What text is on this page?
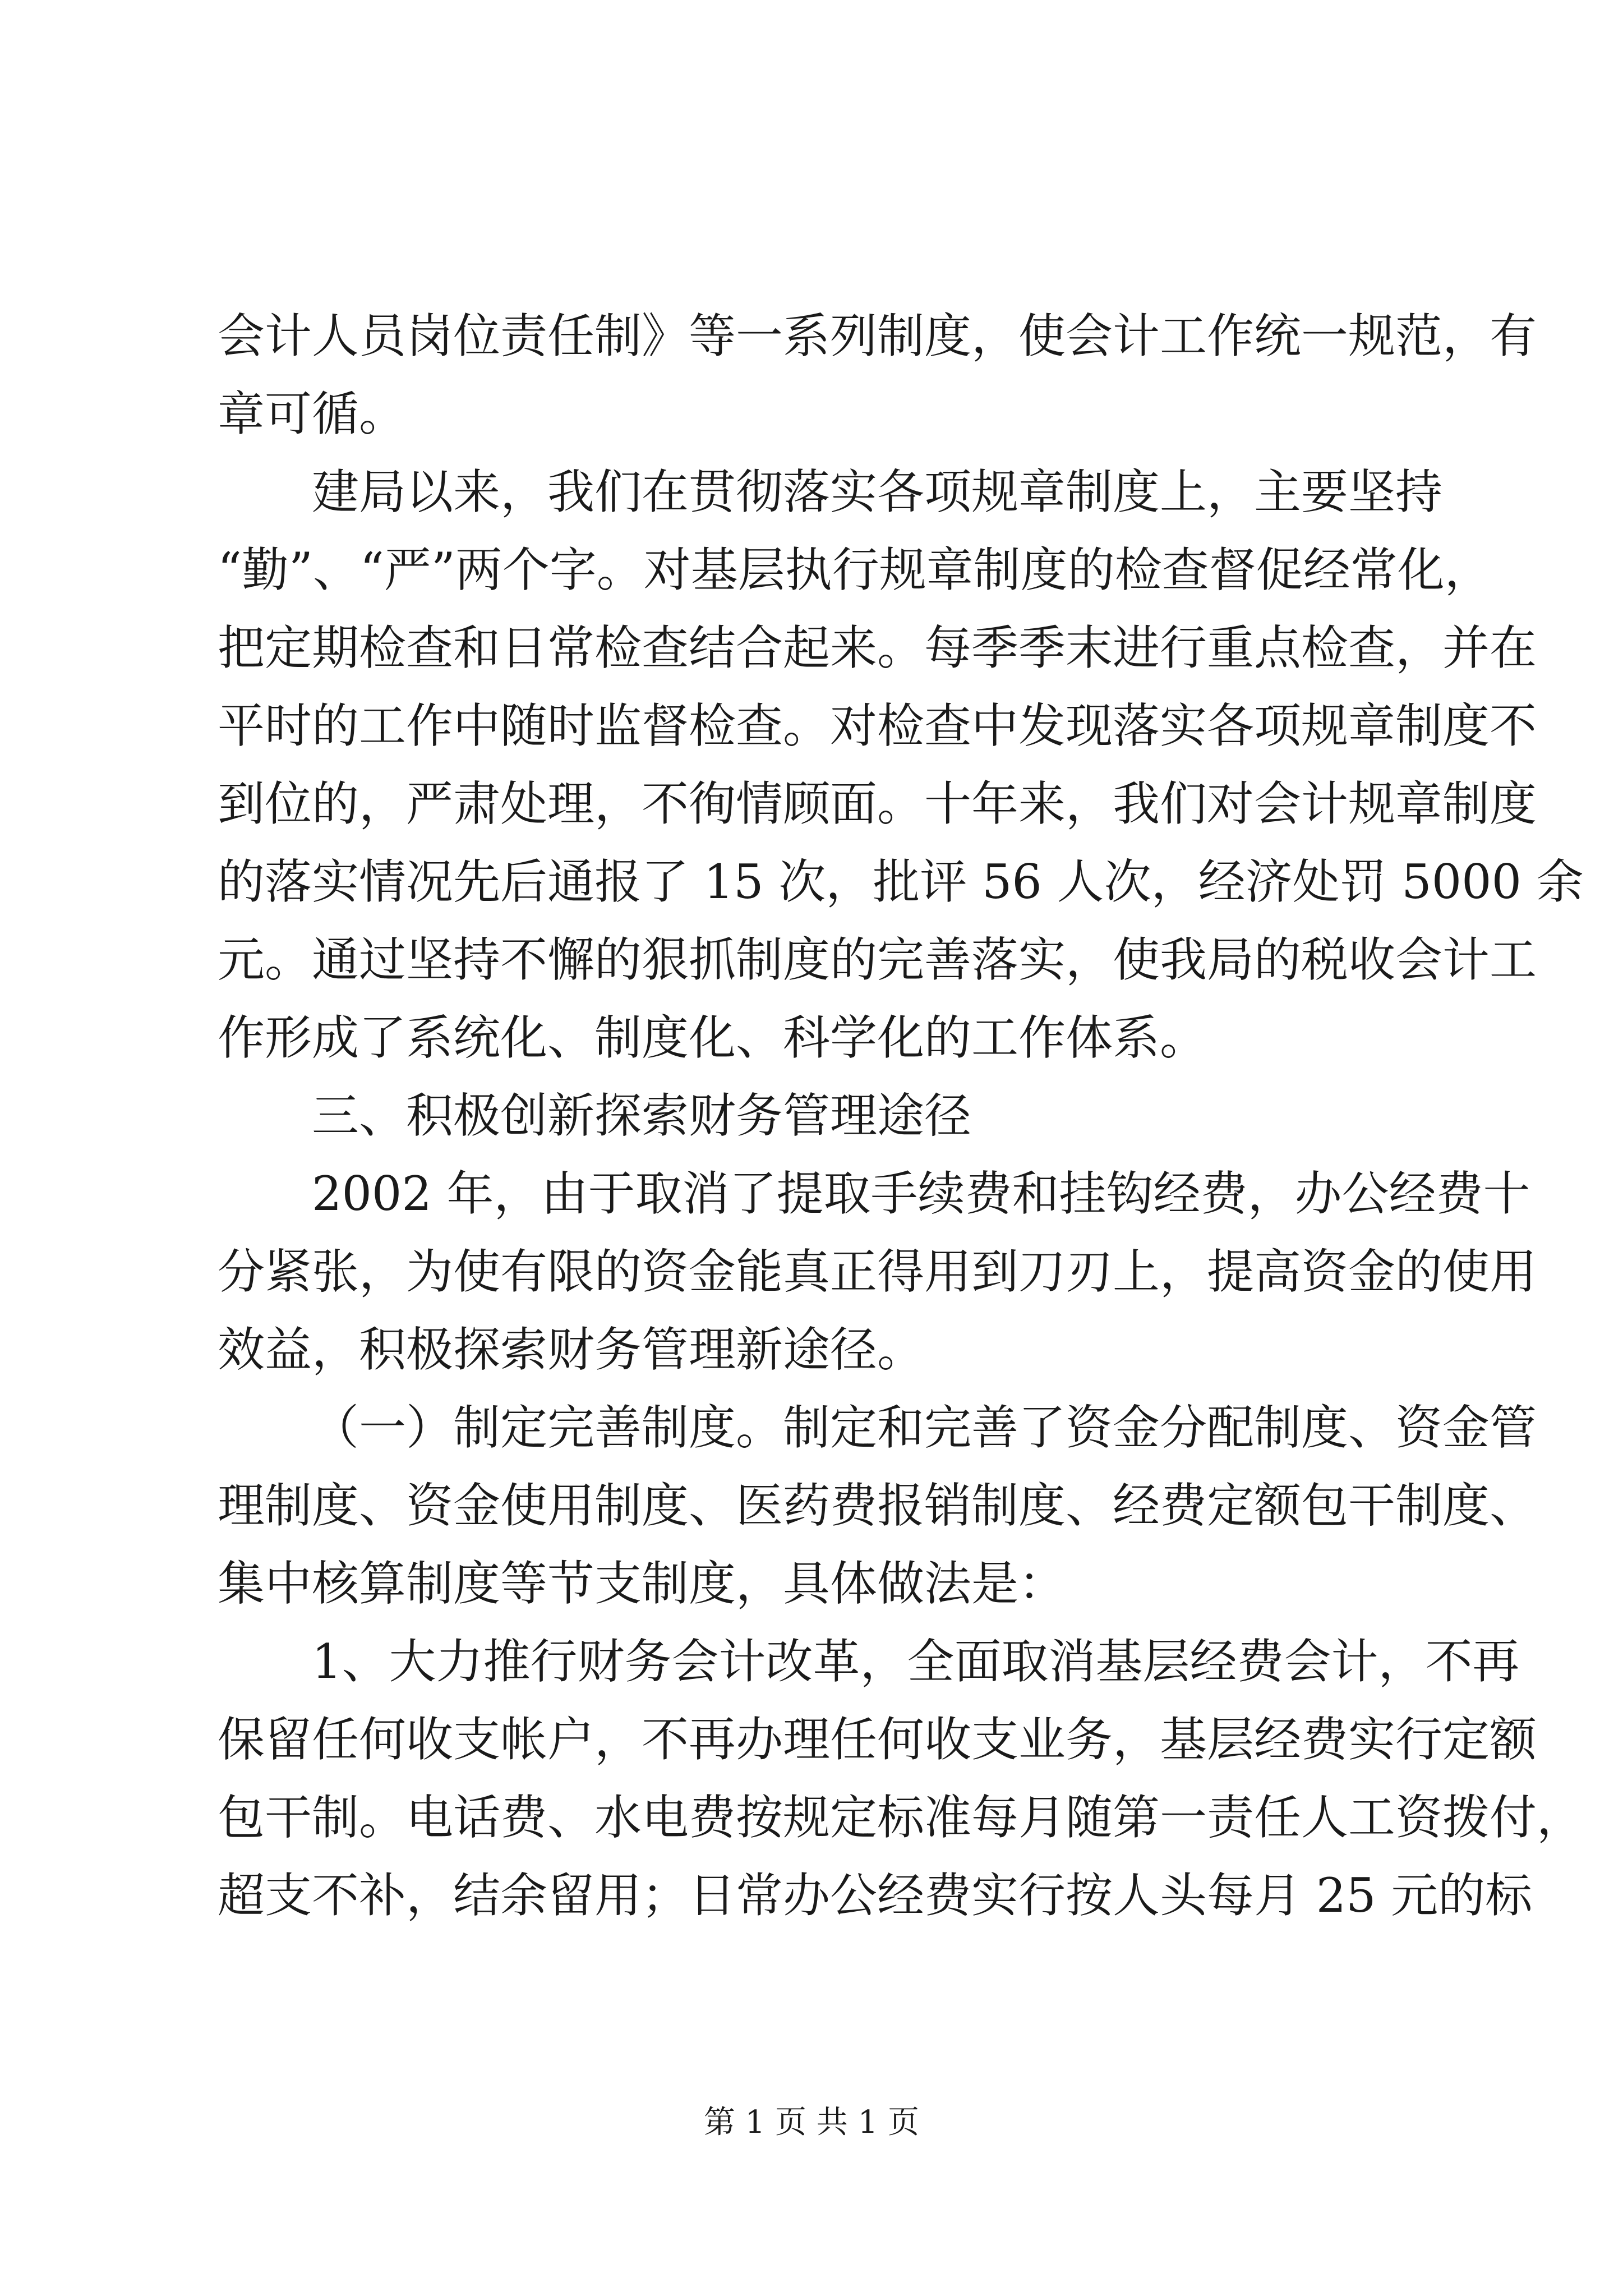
会计人员岗位责任制》等一系列制度，使会计工作统一规范，有
章可循。
建局以来，我们在贯彻落实各项规章制度上，主要坚持
“勤”、“严”两个字。对基层执行规章制度的检查督促经常化，
把定期检查和日常检查结合起来。每季季末进行重点检查，并在
平时的工作中随时监督检查。对检查中发现落实各项规章制度不
到位的，严肃处理，不徇情顾面。十年来，我们对会计规章制度
的落实情况先后通报了 15 次，批评 56 人次，经济处罚 5000 余
元。通过坚持不懈的狠抓制度的完善落实，使我局的税收会计工
作形成了系统化、制度化、科学化的工作体系。
三、积极创新探索财务管理途径
2002 年，由于取消了提取手续费和挂钩经费，办公经费十
分紧张，为使有限的资金能真正得用到刀刃上，提高资金的使用
效益，积极探索财务管理新途径。
（一）制定完善制度。制定和完善了资金分配制度、资金管
理制度、资金使用制度、医药费报销制度、经费定额包干制度、
集中核算制度等节支制度，具体做法是：
1、大力推行财务会计改革，全面取消基层经费会计，不再
保留任何收支帐户，不再办理任何收支业务，基层经费实行定额
包干制。电话费、水电费按规定标准每月随第一责任人工资拨付，
超支不补，结余留用；日常办公经费实行按人头每月 25 元的标
第 1 页 共 1 页
